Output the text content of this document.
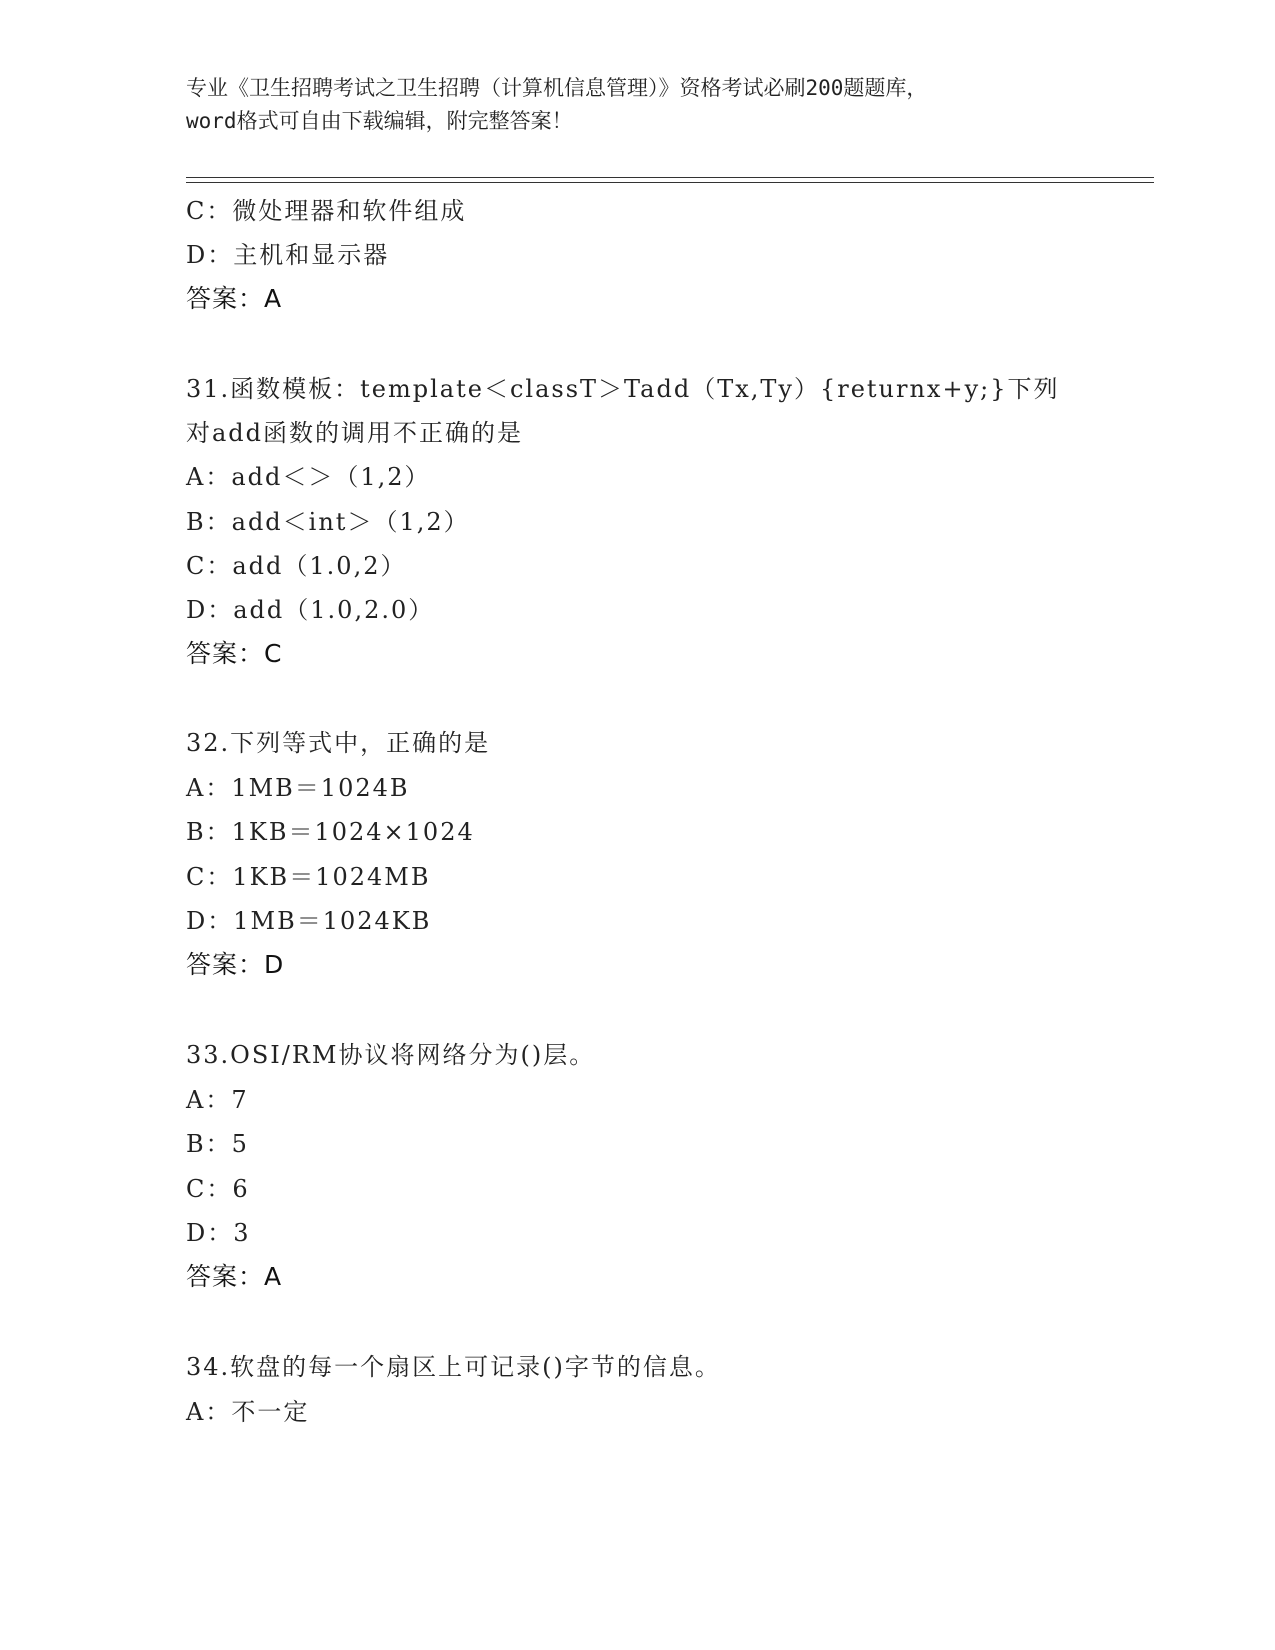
专业《卫生招聘考试之卫生招聘（计算机信息管理）》资格考试必刷200题题库，
word格式可自由下载编辑，附完整答案！
C：微处理器和软件组成
D：主机和显示器
答案：A
31.函数模板：template＜classT＞Tadd（Tx,Ty）{returnx+y;}下列
对add函数的调用不正确的是
A：add＜＞（1,2）
B：add＜int＞（1,2）
C：add（1.0,2）
D：add（1.0,2.0）
答案：C
32.下列等式中，正确的是
A：1MB＝1024B
B：1KB＝1024×1024
C：1KB＝1024MB
D：1MB＝1024KB
答案：D
33.OSI/RM协议将网络分为()层。
A：7
B：5
C：6
D：3
答案：A
34.软盘的每一个扇区上可记录()字节的信息。
A：不一定
